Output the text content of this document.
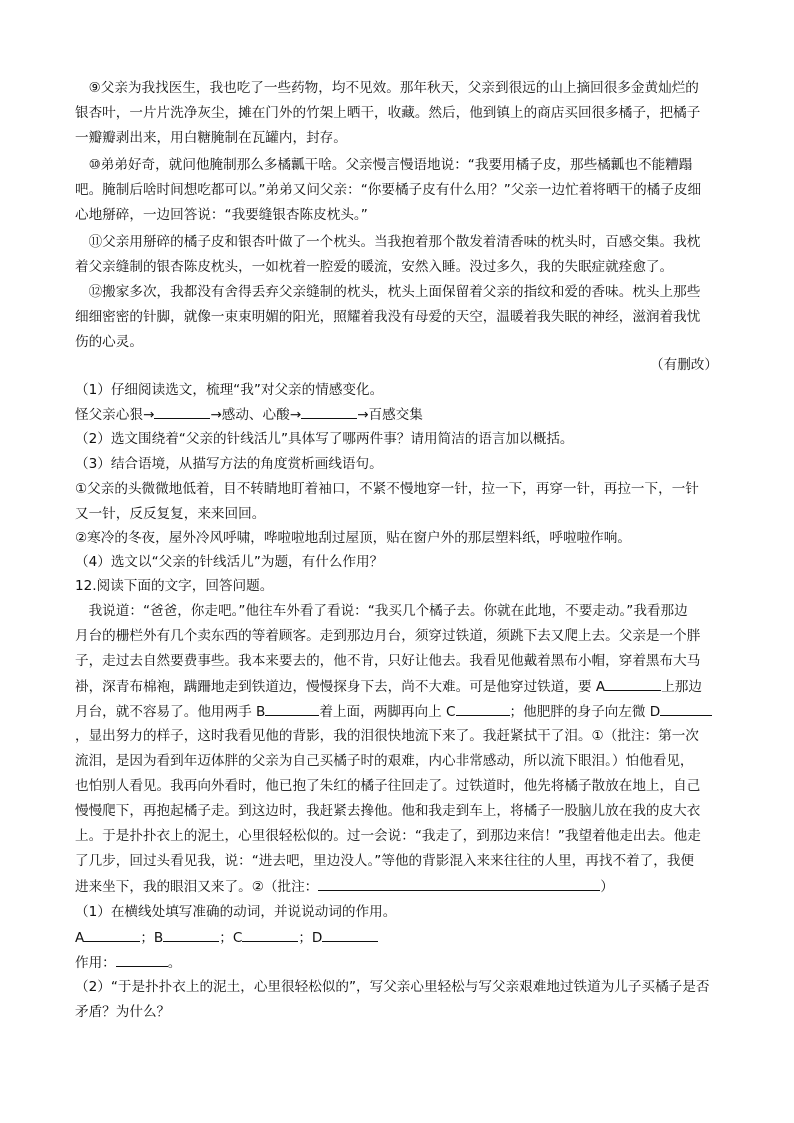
　⑨父亲为我找医生，我也吃了一些药物，均不见效。那年秋天，父亲到很远的山上摘回很多金黄灿烂的
银杏叶，一片片洗净灰尘，摊在门外的竹架上晒干，收藏。然后，他到镇上的商店买回很多橘子，把橘子
一瓣瓣剥出来，用白糖腌制在瓦罐内，封存。
　⑩弟弟好奇，就问他腌制那么多橘瓤干啥。父亲慢言慢语地说：“我要用橘子皮，那些橘瓤也不能糟蹋
吧。腌制后啥时间想吃都可以。”弟弟又问父亲：“你要橘子皮有什么用？”父亲一边忙着将晒干的橘子皮细
心地掰碎，一边回答说：“我要缝银杏陈皮枕头。”
　⑪父亲用掰碎的橘子皮和银杏叶做了一个枕头。当我抱着那个散发着清香味的枕头时，百感交集。我枕
着父亲缝制的银杏陈皮枕头，一如枕着一腔爱的暖流，安然入睡。没过多久，我的失眠症就痊愈了。
　⑫搬家多次，我都没有舍得丢弃父亲缝制的枕头，枕头上面保留着父亲的指纹和爱的香味。枕头上那些
细细密密的针脚，就像一束束明媚的阳光，照耀着我没有母爱的天空，温暖着我失眠的神经，滋润着我忧
伤的心灵。
（有删改）
（1）仔细阅读选文，梳理“我”对父亲的情感变化。
怪父亲心狠→	→感动、心酸→	→百感交集
（2）选文围绕着“父亲的针线活儿”具体写了哪两件事？请用简洁的语言加以概括。
（3）结合语境，从描写方法的角度赏析画线语句。
①父亲的头微微地低着，目不转睛地盯着袖口，不紧不慢地穿一针，拉一下，再穿一针，再拉一下，一针
又一针，反反复复，来来回回。
②寒冷的冬夜，屋外冷风呼啸，哗啦啦地刮过屋顶，贴在窗户外的那层塑料纸，呼啦啦作响。
（4）选文以“父亲的针线活儿”为题，有什么作用？
12.阅读下面的文字，回答问题。
　我说道：“爸爸，你走吧。”他往车外看了看说：“我买几个橘子去。你就在此地，不要走动。”我看那边
月台的栅栏外有几个卖东西的等着顾客。走到那边月台，须穿过铁道，须跳下去又爬上去。父亲是一个胖
子，走过去自然要费事些。我本来要去的，他不肯，只好让他去。我看见他戴着黑布小帽，穿着黑布大马
褂，深青布棉袍，蹒跚地走到铁道边，慢慢探身下去，尚不大难。可是他穿过铁道，要 A	上那边
月台，就不容易了。他用两手 B	着上面，两脚再向上 C	；他肥胖的身子向左微 D
，显出努力的样子，这时我看见他的背影，我的泪很快地流下来了。我赶紧拭干了泪。①（批注：第一次
流泪，是因为看到年迈体胖的父亲为自己买橘子时的艰难，内心非常感动，所以流下眼泪。）怕他看见，
也怕别人看见。我再向外看时，他已抱了朱红的橘子往回走了。过铁道时，他先将橘子散放在地上，自己
慢慢爬下，再抱起橘子走。到这边时，我赶紧去搀他。他和我走到车上，将橘子一股脑儿放在我的皮大衣
上。于是扑扑衣上的泥土，心里很轻松似的。过一会说：“我走了，到那边来信！”我望着他走出去。他走
了几步，回过头看见我，说：“进去吧，里边没人。”等他的背影混入来来往往的人里，再找不着了，我便
进来坐下，我的眼泪又来了。②（批注：	）
（1）在横线处填写准确的动词，并说说动词的作用。
A	；B	；C	；D
作用：	。
（2）“于是扑扑衣上的泥土，心里很轻松似的”，写父亲心里轻松与写父亲艰难地过铁道为儿子买橘子是否
矛盾？为什么？
